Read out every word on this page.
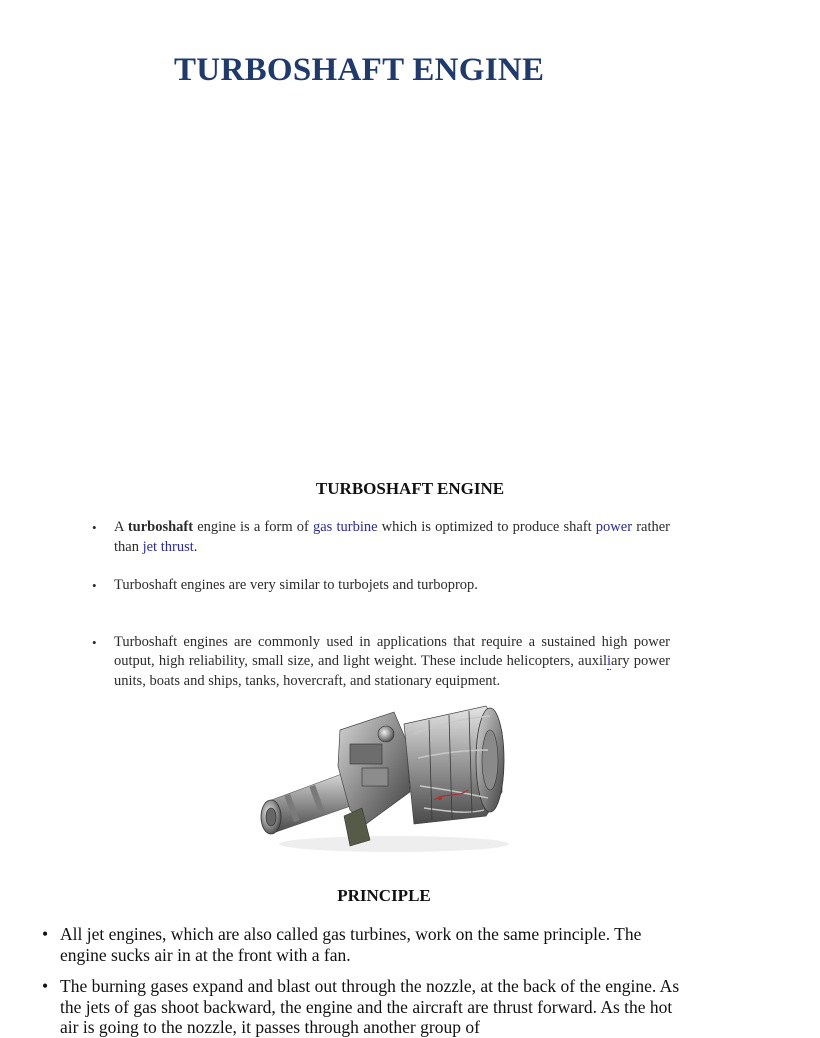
TURBOSHAFT ENGINE
TURBOSHAFT ENGINE
• A turboshaft engine is a form of gas turbine which is optimized to produce shaft power rather than jet thrust.
• Turboshaft engines are very similar to turbojets and turboprop.
• Turboshaft engines are commonly used in applications that require a sustained high power output, high reliability, small size, and light weight. These include helicopters, auxiliary power units, boats and ships, tanks, hovercraft, and stationary equipment.
PRINCIPLE
• All jet engines, which are also called gas turbines, work on the same principle. The engine sucks air in at the front with a fan.
• The burning gases expand and blast out through the nozzle, at the back of the engine. As the jets of gas shoot backward, the engine and the aircraft are thrust forward. As the hot air is going to the nozzle, it passes through another group of
